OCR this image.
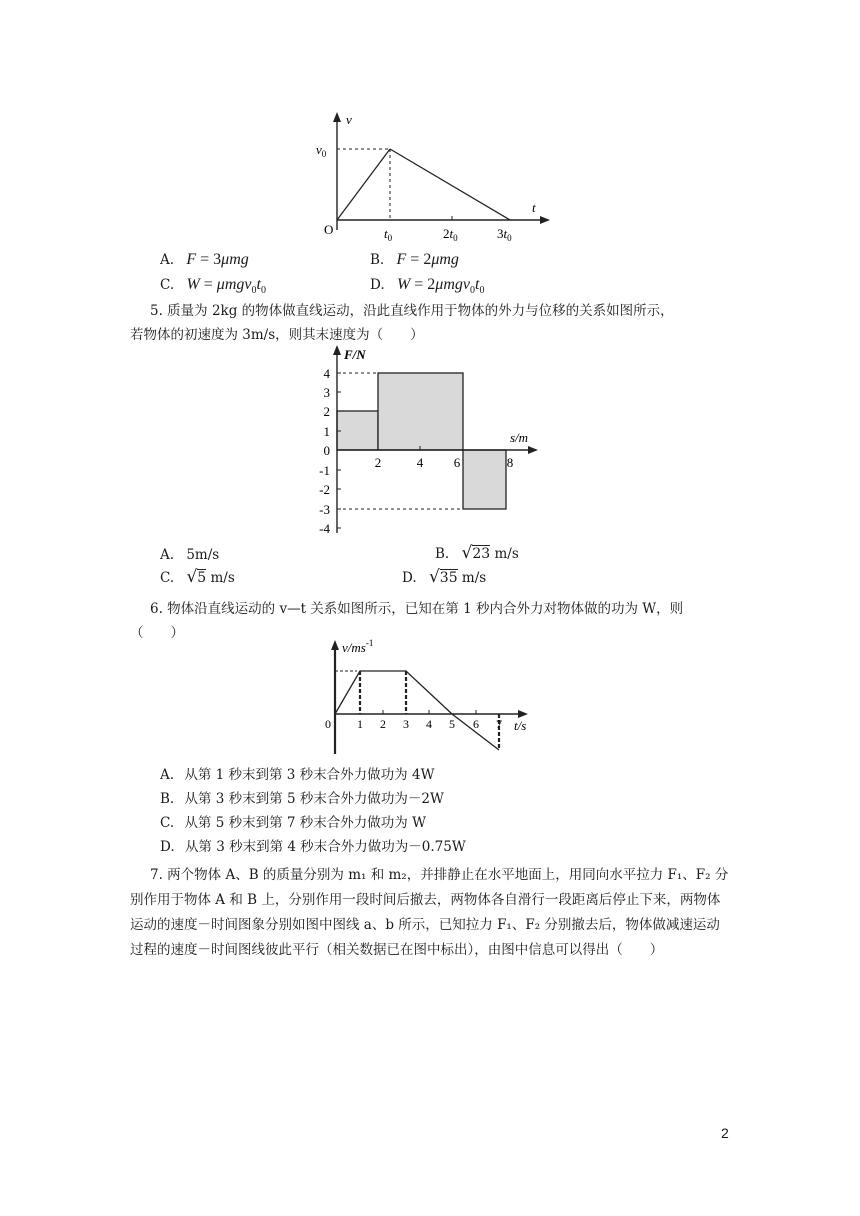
v
t
O
$v_0$
$t_0$	$2t_0$	$3t_0$
A. F = 3μmg	B. F = 2μmg
C. $W = \mu mgv_0t_0$	D. $W = 2\mu mgv_0t_0$
5. 质量为 2kg 的物体做直线运动，沿此直线作用于物体的外力与位移的关系如图所示，
若物体的初速度为 3m/s，则其末速度为（　　）
4
3
2
1
0
-1
-2
-3
-4
2	4 6	8
F/N
s/m
A. 5m/s	B. √23 m/s
C. √5 m/s	D. √35 m/s
6. 物体沿直线运动的 v—t 关系如图所示，已知在第 1 秒内合外力对物体做的功为 W，则
（　　）
$v/ms^{-1}$
0 1 2 3 4 5 6 7 t/s
A. 从第 1 秒末到第 3 秒末合外力做功为 4W
B. 从第 3 秒末到第 5 秒末合外力做功为－2W
C. 从第 5 秒末到第 7 秒末合外力做功为 W
D. 从第 3 秒末到第 4 秒末合外力做功为－0.75W
7. 两个物体 A、B 的质量分别为 m₁ 和 m₂，并排静止在水平地面上，用同向水平拉力 F₁、F₂ 分别作用于物体 A 和 B 上，分别作用一段时间后撤去，两物体各自滑行一段距离后停止下来，两物体运动的速度－时间图象分别如图中图线 a、b 所示，已知拉力 F₁、F₂ 分别撤去后，物体做减速运动过程的速度－时间图线彼此平行（相关数据已在图中标出），由图中信息可以得出（　　）
2
